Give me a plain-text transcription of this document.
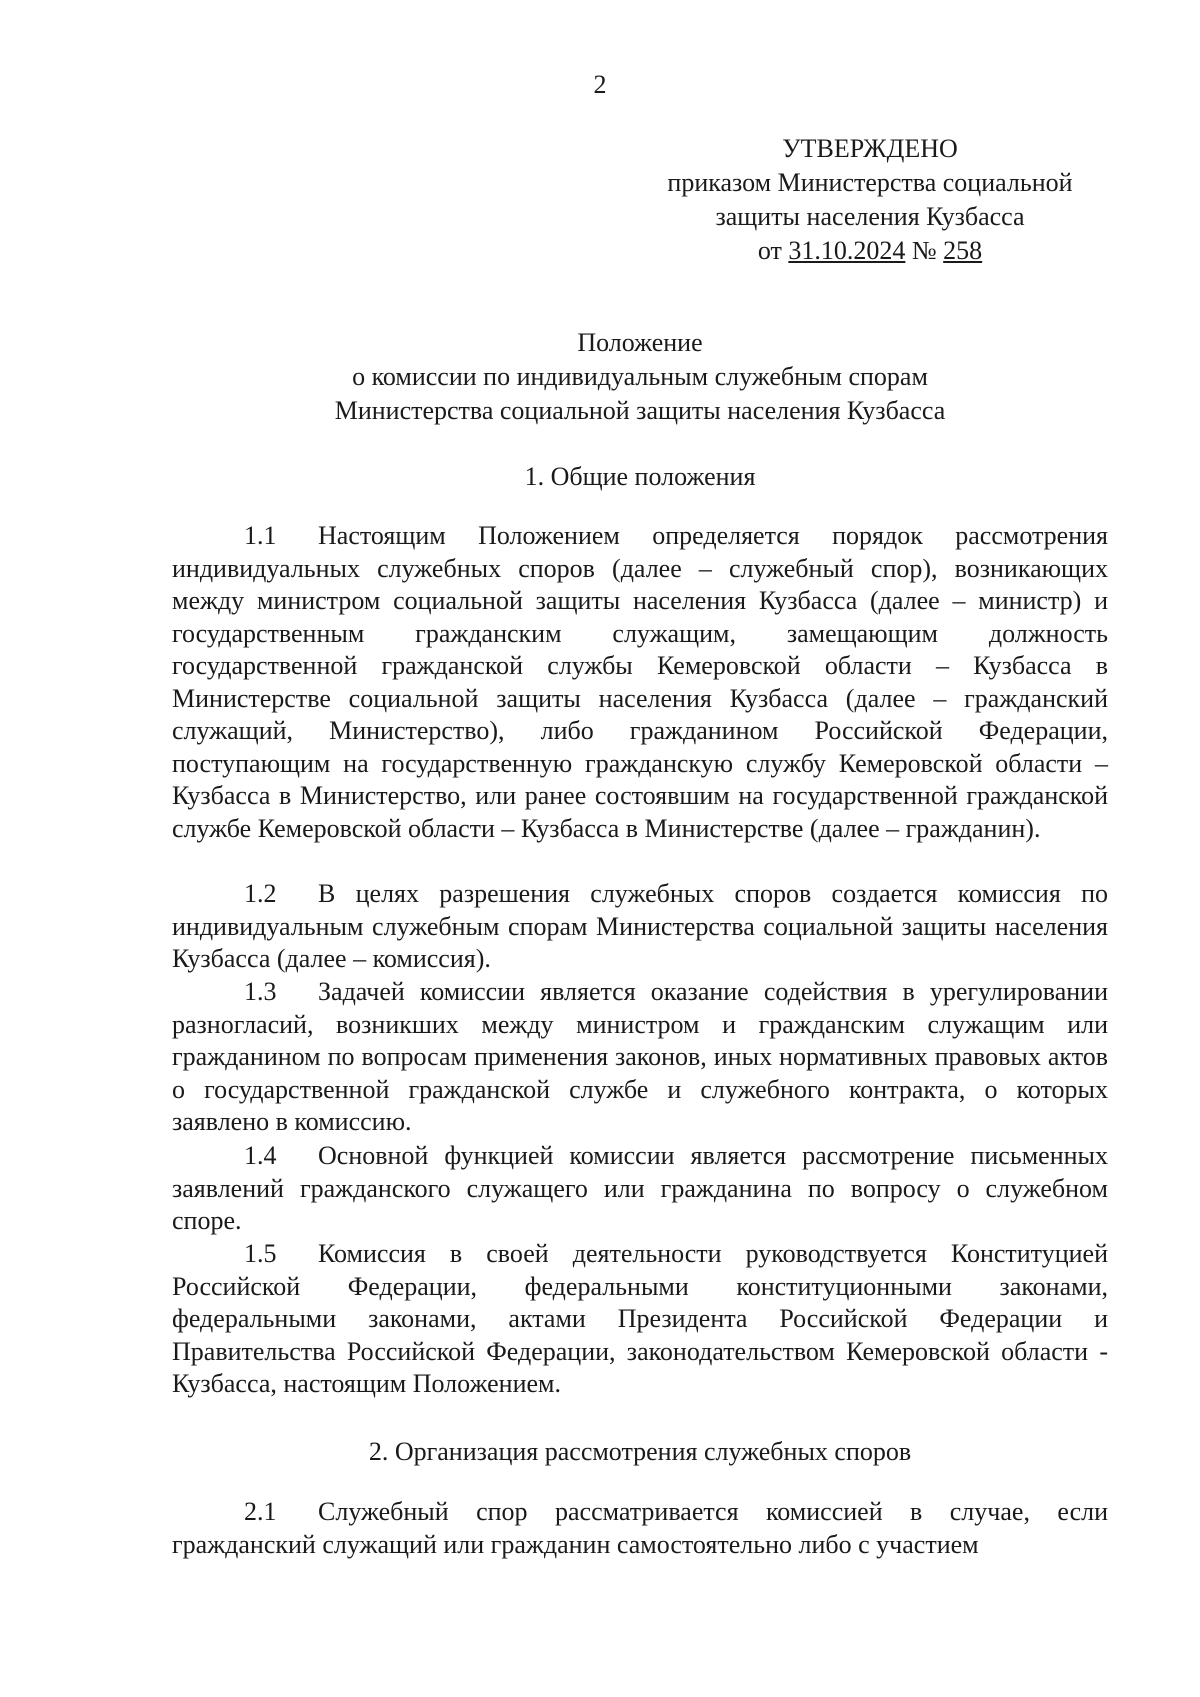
2
УТВЕРЖДЕНО
приказом Министерства социальной
защиты населения Кузбасса
от 31.10.2024 № 258
Положение
о комиссии по индивидуальным служебным спорам
Министерства социальной защиты населения Кузбасса
1. Общие положения

1.1 Настоящим Положением определяется порядок рассмотрения индивидуальных служебных споров (далее – служебный спор), возникающих между министром социальной защиты населения Кузбасса (далее – министр) и государственным гражданским служащим, замещающим должность государственной гражданской службы Кемеровской области – Кузбасса в Министерстве социальной защиты населения Кузбасса (далее – гражданский служащий, Министерство), либо гражданином Российской Федерации, поступающим на государственную гражданскую службу Кемеровской области – Кузбасса в Министерство, или ранее состоявшим на государственной гражданской службе Кемеровской области – Кузбасса в Министерстве (далее – гражданин).

1.2 В целях разрешения служебных споров создается комиссия по индивидуальным служебным спорам Министерства социальной защиты населения Кузбасса (далее – комиссия).

1.3 Задачей комиссии является оказание содействия в урегулировании разногласий, возникших между министром и гражданским служащим или гражданином по вопросам применения законов, иных нормативных правовых актов о государственной гражданской службе и служебного контракта, о которых заявлено в комиссию.

1.4 Основной функцией комиссии является рассмотрение письменных заявлений гражданского служащего или гражданина по вопросу о служебном споре.

1.5 Комиссия в своей деятельности руководствуется Конституцией Российской Федерации, федеральными конституционными законами, федеральными законами, актами Президента Российской Федерации и Правительства Российской Федерации, законодательством Кемеровской области - Кузбасса, настоящим Положением.

2. Организация рассмотрения служебных споров

2.1 Служебный спор рассматривается комиссией в случае, если гражданский служащий или гражданин самостоятельно либо с участием
